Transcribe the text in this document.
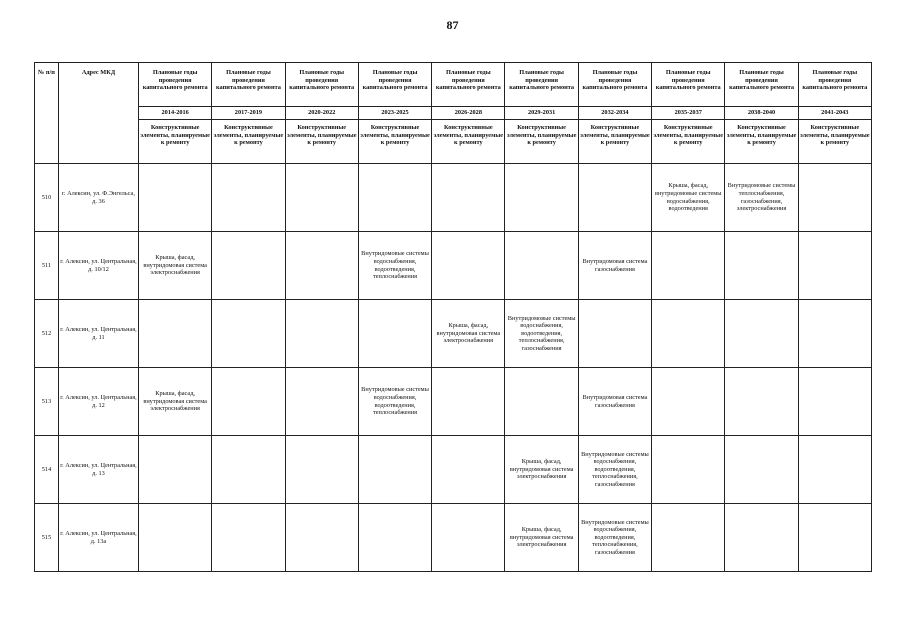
87
№ п/п	Адрес МКД	Плановые годы проведения капитального ремонта	Плановые годы проведения капитального ремонта	Плановые годы проведения капитального ремонта	Плановые годы проведения капитального ремонта	Плановые годы проведения капитального ремонта	Плановые годы проведения капитального ремонта	Плановые годы проведения капитального ремонта	Плановые годы проведения капитального ремонта	Плановые годы проведения капитального ремонта	Плановые годы проведения капитального ремонта
		2014-2016	2017-2019	2020-2022	2023-2025	2026-2028	2029-2031	2032-2034	2035-2037	2038-2040	2041-2043
		Конструктивные элементы, планируемые к ремонту	Конструктивные элементы, планируемые к ремонту	Конструктивные элементы, планируемые к ремонту	Конструктивные элементы, планируемые к ремонту	Конструктивные элементы, планируемые к ремонту	Конструктивные элементы, планируемые к ремонту	Конструктивные элементы, планируемые к ремонту	Конструктивные элементы, планируемые к ремонту	Конструктивные элементы, планируемые к ремонту	Конструктивные элементы, планируемые к ремонту
510	г. Алексин, ул. Ф.Энгельса, д. 36								Крыша, фасад, внутридомовые системы водоснабжения, водоотведения	Внутридомовые системы теплоснабжения, газоснабжения, электроснабжения	
511	г. Алексин, ул. Центральная, д. 10/12	Крыша, фасад, внутридомовая система электроснабжения			Внутридомовые системы водоснабжения, водоотведения, теплоснабжения			Внутридомовая система газоснабжения			
512	г. Алексин, ул. Центральная, д. 11					Крыша, фасад, внутридомовая система электроснабжения	Внутридомовые системы водоснабжения, водоотведения, теплоснабжения, газоснабжения				
513	г. Алексин, ул. Центральная, д. 12	Крыша, фасад, внутридомовая система электроснабжения			Внутридомовые системы водоснабжения, водоотведения, теплоснабжения			Внутридомовая система газоснабжения			
514	г. Алексин, ул. Центральная, д. 13						Крыша, фасад, внутридомовая система электроснабжения	Внутридомовые системы водоснабжения, водоотведения, теплоснабжения, газоснабжения			
515	г. Алексин, ул. Центральная, д. 13а						Крыша, фасад, внутридомовая система электроснабжения	Внутридомовые системы водоснабжения, водоотведения, теплоснабжения, газоснабжения			
